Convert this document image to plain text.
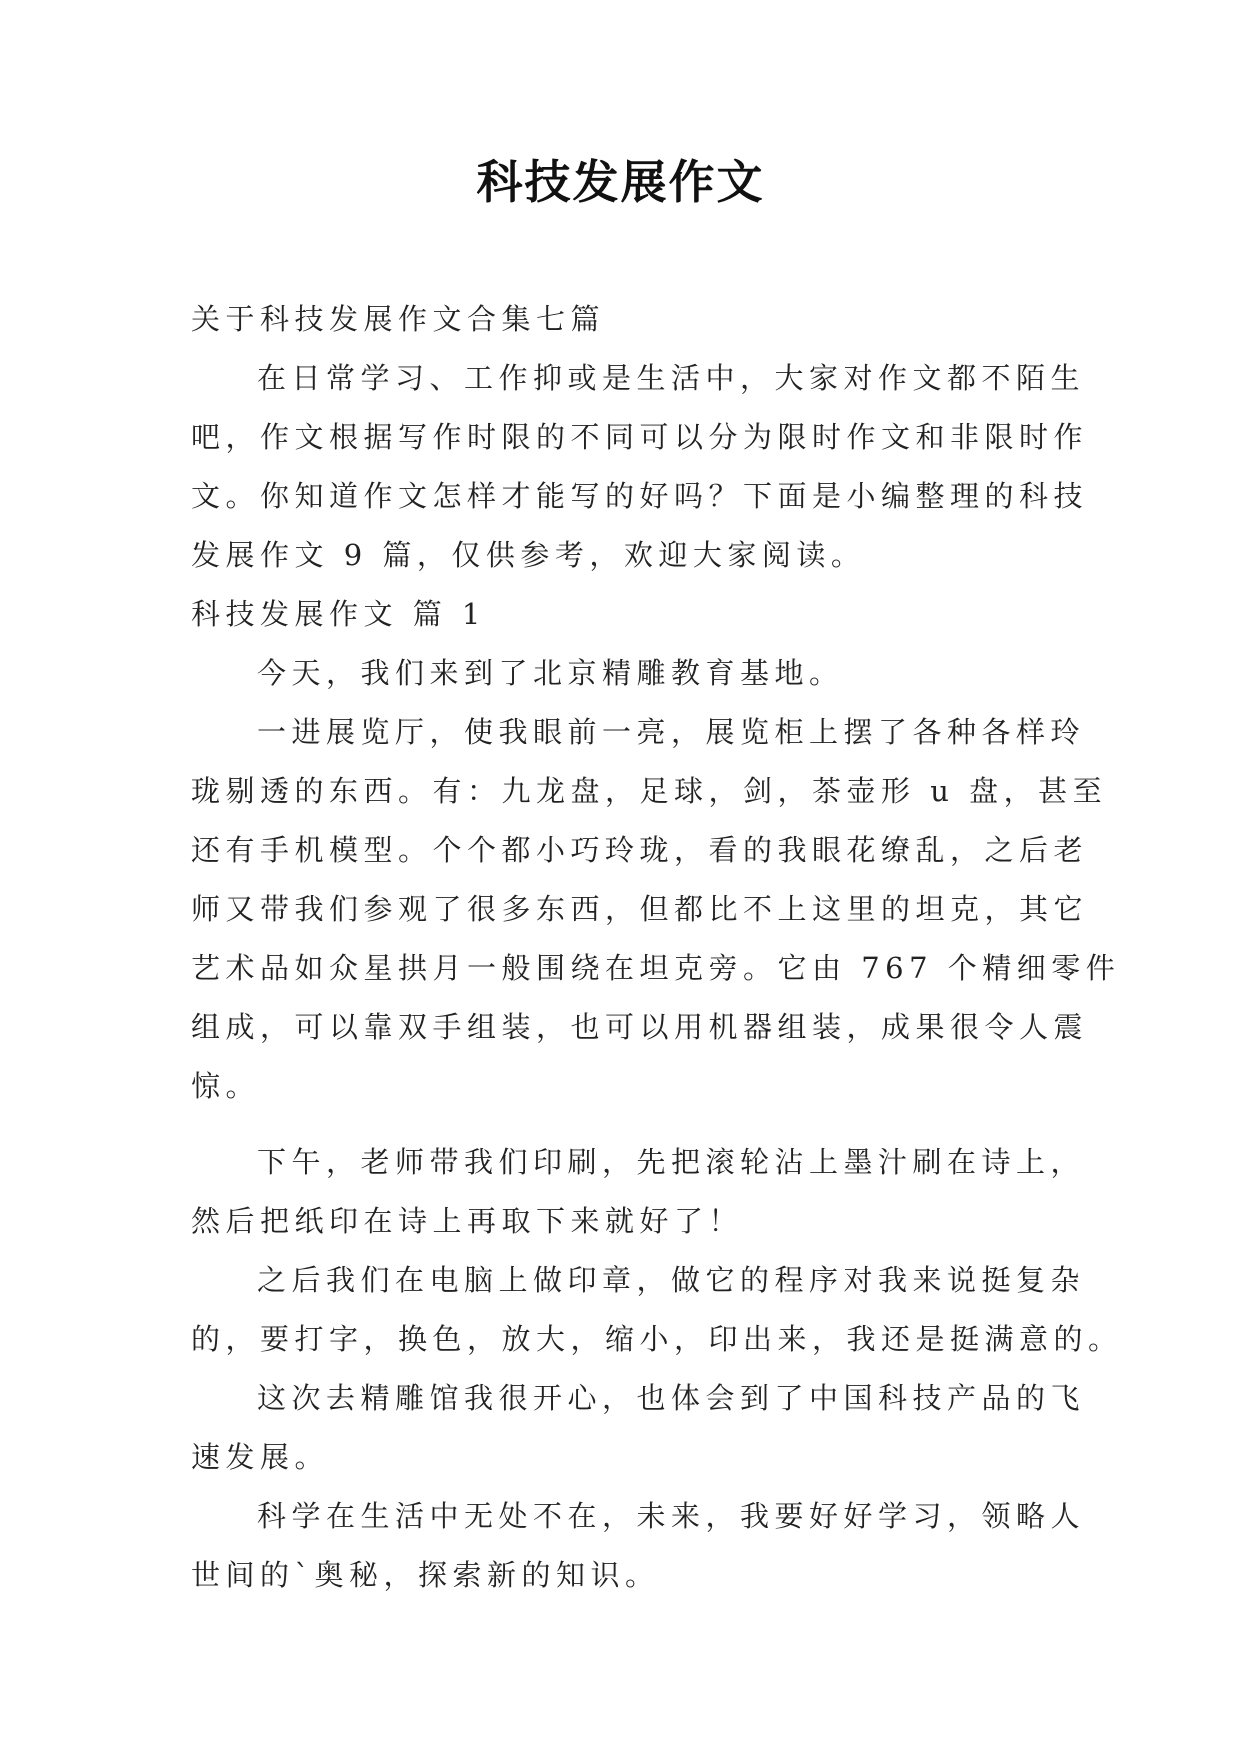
科技发展作文

关于科技发展作文合集七篇

在日常学习、工作抑或是生活中，大家对作文都不陌生

吧，作文根据写作时限的不同可以分为限时作文和非限时作

文。你知道作文怎样才能写的好吗？下面是小编整理的科技

发展作文 9 篇，仅供参考，欢迎大家阅读。

科技发展作文 篇 1

今天，我们来到了北京精雕教育基地。

一进展览厅，使我眼前一亮，展览柜上摆了各种各样玲

珑剔透的东西。有：九龙盘，足球，剑，茶壶形 u 盘，甚至

还有手机模型。个个都小巧玲珑，看的我眼花缭乱，之后老

师又带我们参观了很多东西，但都比不上这里的坦克，其它

艺术品如众星拱月一般围绕在坦克旁。它由 767 个精细零件

组成，可以靠双手组装，也可以用机器组装，成果很令人震

惊。

下午，老师带我们印刷，先把滚轮沾上墨汁刷在诗上，

然后把纸印在诗上再取下来就好了！

之后我们在电脑上做印章，做它的程序对我来说挺复杂

的，要打字，换色，放大，缩小，印出来，我还是挺满意的。

这次去精雕馆我很开心，也体会到了中国科技产品的飞

速发展。

科学在生活中无处不在，未来，我要好好学习，领略人

世间的`奥秘，探索新的知识。
